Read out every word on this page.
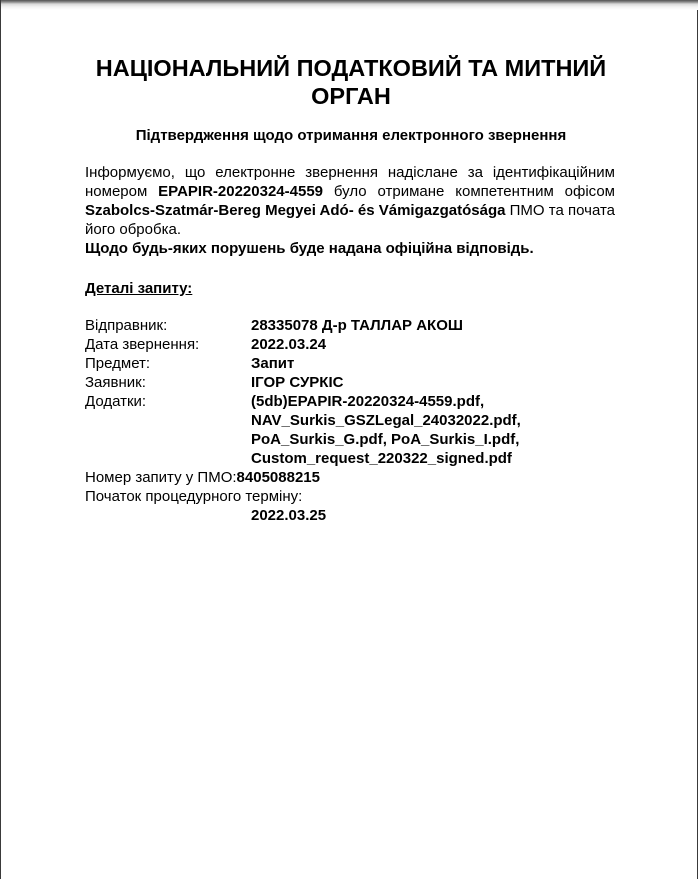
НАЦІОНАЛЬНИЙ ПОДАТКОВИЙ ТА МИТНИЙ ОРГАН
Підтвердження щодо отримання електронного звернення
Інформуємо, що електронне звернення надіслане за ідентифікаційним номером EPAPIR-20220324-4559 було отримане компетентним офісом Szabolcs-Szatmár-Bereg Megyei Adó- és Vámigazgatósága ПМО та почата його обробка.
Щодо будь-яких порушень буде надана офіційна відповідь.
Деталі запиту:
Відправник:	28335078 Д-р ТАЛЛАР АКОШ
Дата звернення:	2022.03.24
Предмет:	Запит
Заявник:	ІГОР СУРКІС
Додатки:	(5db)EPAPIR-20220324-4559.pdf,
NAV_Surkis_GSZLegal_24032022.pdf,
PoA_Surkis_G.pdf, PoA_Surkis_I.pdf,
Custom_request_220322_signed.pdf
Номер запиту у ПМО: 8405088215
Початок процедурного терміну:
2022.03.25
